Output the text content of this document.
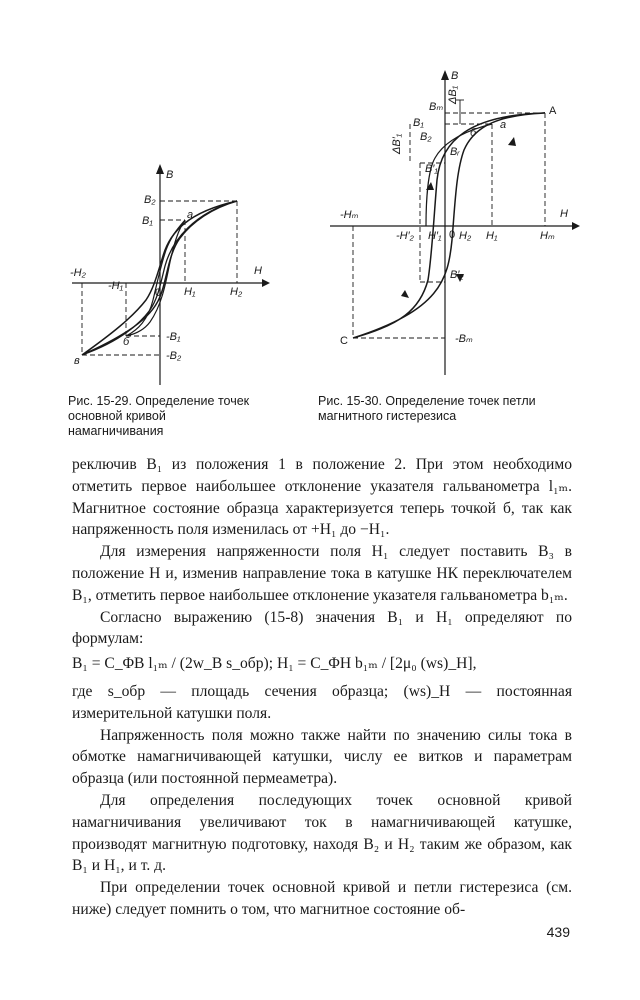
B
H
0
B₂
B₁
-B₁
-B₂
H₁	H₂
-H₂
-H₁
a
б
в
Рис. 15-29. Определение точек основной кривой намагничивания
B
H
0
Bₘ
B₁
B₂
Bᵣ
B′₁
B′₂
-Bₘ
Hₘ
-Hₘ
H₁
H₂
-H′₂ H′₁
ΔB₁
ΔB′₁
a
б
A
C
Рис. 15-30. Определение точек петли магнитного гистерезиса

реключив B₁ из положения 1 в положение 2. При этом необходимо отметить первое наибольшее отклонение указателя гальванометра l₁ₘ. Магнитное состояние образца характеризуется теперь точкой б, так как напряженность поля изменилась от +H₁ до −H₁.

Для измерения напряженности поля H₁ следует поставить B₃ в положение H и, изменив направление тока в катушке НК переключателем B₁, отметить первое наибольшее отклонение указателя гальванометра b₁ₘ.

Согласно выражению (15-8) значения B₁ и H₁ определяют по формулам:

B₁ = C_ΦB l₁ₘ / (2w_B s_обр); H₁ = C_ΦH b₁ₘ / [2μ₀ (ws)_H],

где s_обр — площадь сечения образца; (ws)_H — постоянная измерительной катушки поля.

Напряженность поля можно также найти по значению силы тока в обмотке намагничивающей катушки, числу ее витков и параметрам образца (или постоянной пермеаметра).

Для определения последующих точек основной кривой намагничивания увеличивают ток в намагничивающей катушке, производят магнитную подготовку, находя B₂ и H₂ таким же образом, как B₁ и H₁, и т. д.

При определении точек основной кривой и петли гистерезиса (см. ниже) следует помнить о том, что магнитное состояние об-

439
